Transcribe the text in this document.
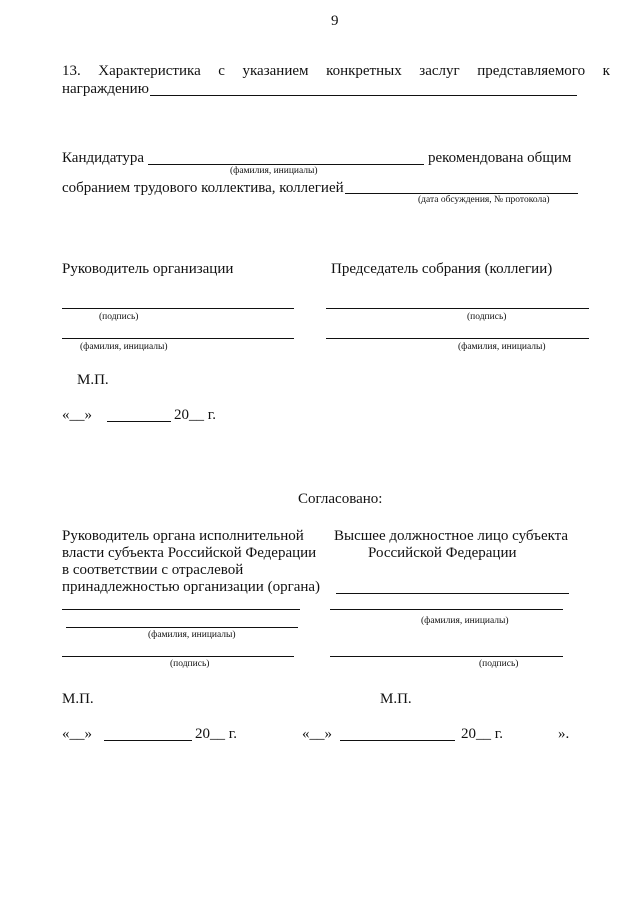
9
13. Характеристика с указанием конкретных заслуг представляемого к
награждению
Кандидатура	рекомендована общим
(фамилия, инициалы)
собранием трудового коллектива, коллегией
(дата обсуждения, № протокола)
Руководитель организации	Председатель собрания (коллегии)
(подпись)	(подпись)
(фамилия, инициалы)	(фамилия, инициалы)
М.П.
«__»	20__ г.
Согласовано:
Руководитель органа исполнительной
власти субъекта Российской Федерации
в соответствии с отраслевой
принадлежностью организации (органа)
Высшее должностное лицо субъекта
Российской Федерации
(фамилия, инициалы)
(фамилия, инициалы)
(подпись)	(подпись)
М.П.	М.П.
«__»	20__ г.	«__»	20__ г.	».
